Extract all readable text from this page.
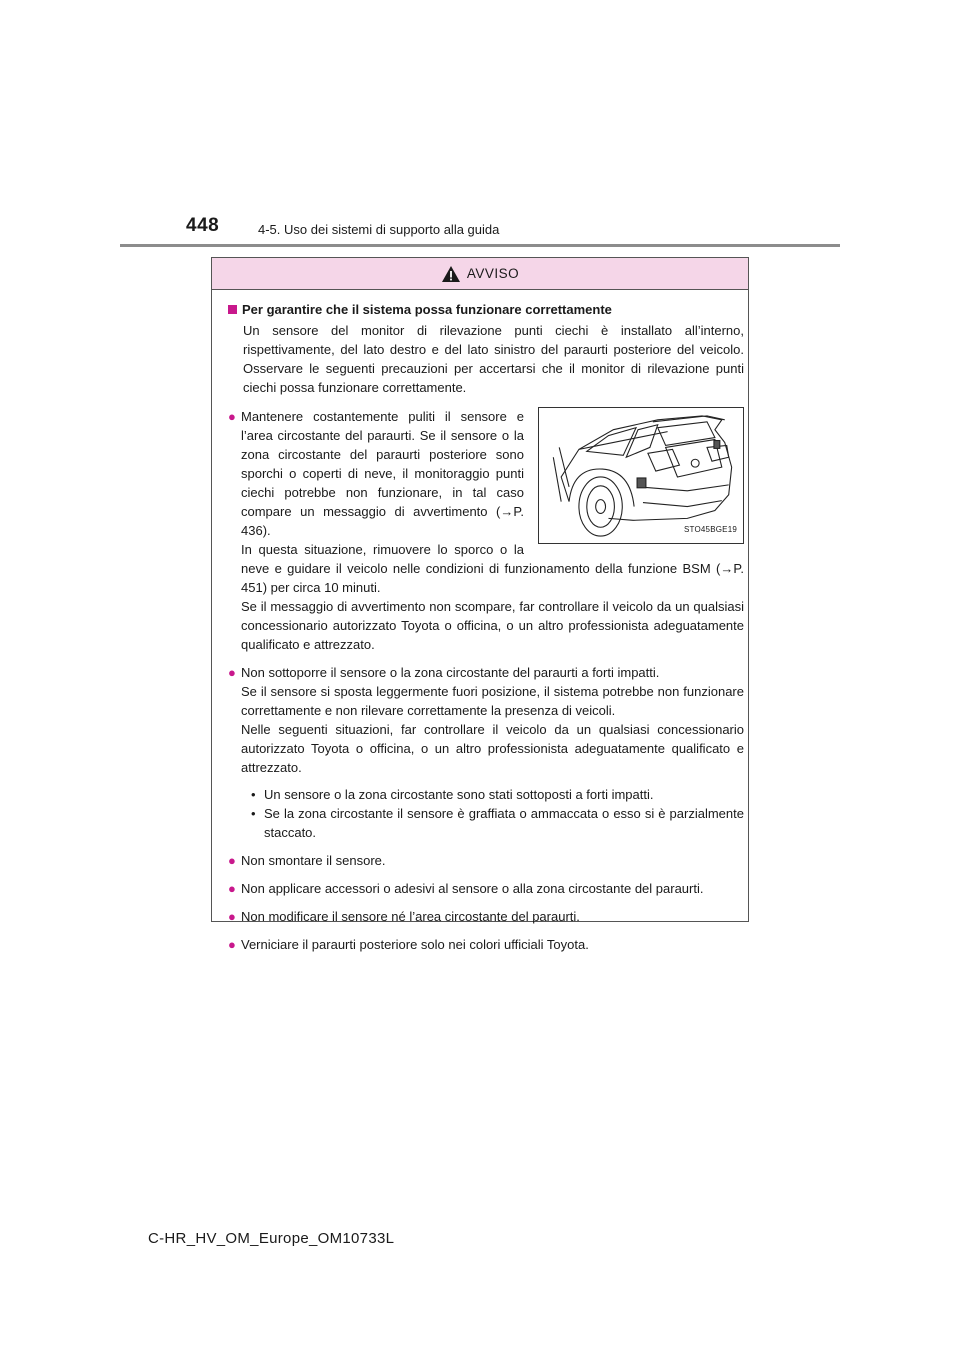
448	4-5. Uso dei sistemi di supporto alla guida
AVVISO
Per garantire che il sistema possa funzionare correttamente
Un sensore del monitor di rilevazione punti ciechi è installato all’interno, rispettivamente, del lato destro e del lato sinistro del paraurti posteriore del veicolo. Osservare le seguenti precauzioni per accertarsi che il monitor di rilevazione punti ciechi possa funzionare correttamente.
●
STO45BGE19
Mantenere costantemente puliti il sensore e l’area circostante del paraurti. Se il sensore o la zona circostante del paraurti posteriore sono sporchi o coperti di neve, il monitoraggio punti ciechi potrebbe non funzionare, in tal caso compare un messaggio di avvertimento (→P. 436).
In questa situazione, rimuovere lo sporco o la neve e guidare il veicolo nelle condizioni di funzionamento della funzione BSM (→P. 451) per circa 10 minuti.
Se il messaggio di avvertimento non scompare, far controllare il veicolo da un qualsiasi concessionario autorizzato Toyota o officina, o un altro professionista adeguatamente qualificato e attrezzato.
● Non sottoporre il sensore o la zona circostante del paraurti a forti impatti.
Se il sensore si sposta leggermente fuori posizione, il sistema potrebbe non funzionare correttamente e non rilevare correttamente la presenza di veicoli.
Nelle seguenti situazioni, far controllare il veicolo da un qualsiasi concessionario autorizzato Toyota o officina, o un altro professionista adeguatamente qualificato e attrezzato.
• Un sensore o la zona circostante sono stati sottoposti a forti impatti.
• Se la zona circostante il sensore è graffiata o ammaccata o esso si è parzialmente staccato.
● Non smontare il sensore.
● Non applicare accessori o adesivi al sensore o alla zona circostante del paraurti.
● Non modificare il sensore né l’area circostante del paraurti.
● Verniciare il paraurti posteriore solo nei colori ufficiali Toyota.
C-HR_HV_OM_Europe_OM10733L
